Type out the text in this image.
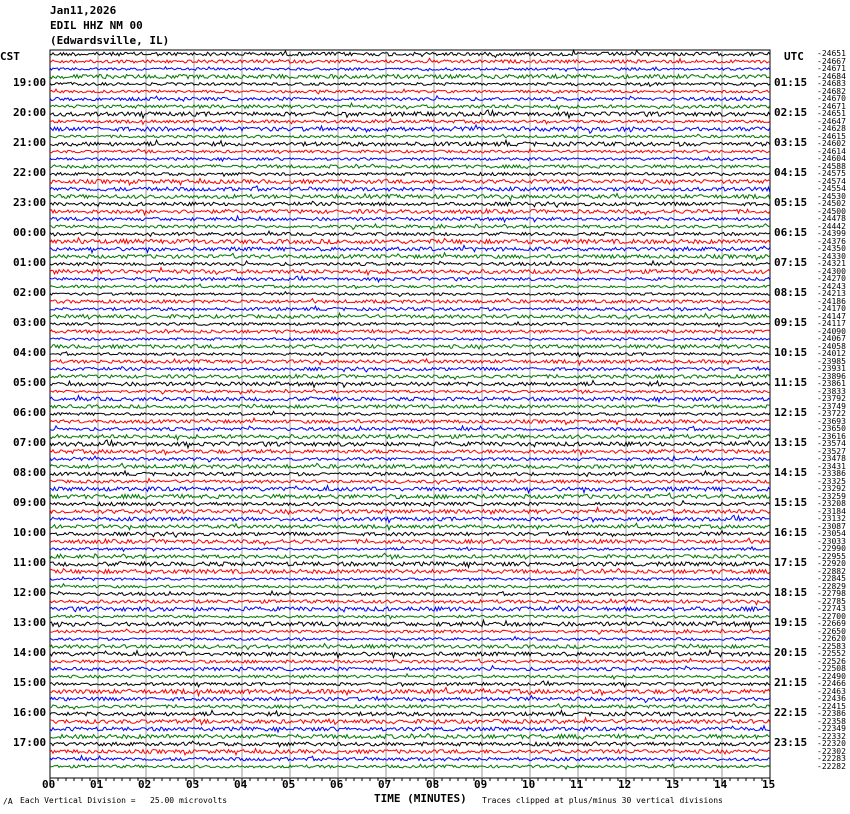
Jan11,2026
EDIL HHZ NM 00
(Edwardsville, IL)
CST	UTC
19:00
20:00
21:00
22:00
23:00
00:00
01:00
02:00
03:00
04:00
05:00
06:00
07:00
08:00
09:00
10:00
11:00
12:00
13:00
14:00
15:00
16:00
17:00
01:15
02:15
03:15
04:15
05:15
06:15
07:15
08:15
09:15
10:15
11:15
12:15
13:15
14:15
15:15
16:15
17:15
18:15
19:15
20:15
21:15
22:15
23:15
-24651
-24667
-24671
-24684
-24683
-24682
-24670
-24671
-24651
-24647
-24628
-24615
-24602
-24614
-24604
-24588
-24575
-24574
-24554
-24530
-24502
-24500
-24478
-24442
-24399
-24376
-24350
-24330
-24321
-24300
-24270
-24243
-24213
-24186
-24170
-24147
-24117
-24090
-24067
-24058
-24012
-23985
-23931
-23896
-23861
-23833
-23792
-23749
-23722
-23693
-23650
-23616
-23574
-23527
-23478
-23431
-23386
-23325
-23292
-23259
-23208
-23184
-23132
-23087
-23054
-23033
-22990
-22955
-22920
-22882
-22845
-22829
-22798
-22785
-22743
-22700
-22669
-22650
-22620
-22583
-22552
-22526
-22508
-22490
-22466
-22463
-22436
-22415
-22386
-22358
-22349
-22332
-22320
-22302
-22283
-22282
00	01	02	03	04	05	06	07	08	09	10	11	12	13	14	15
/A Each Vertical Division =   25.00 microvolts	TIME (MINUTES) Traces clipped at plus/minus 30 vertical divisions
